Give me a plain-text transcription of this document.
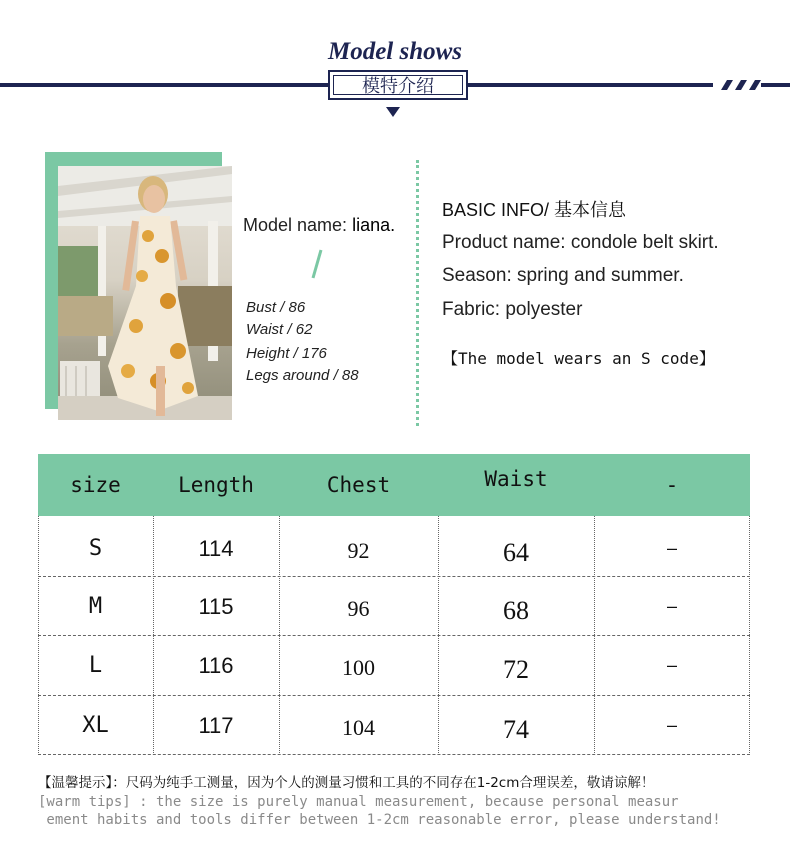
Model shows
模特介绍
Model name: liana.
Bust / 86
Waist / 62
Height / 176
Legs around / 88
BASIC INFO/ 基本信息
Product name: condole belt skirt.
Season: spring and summer.
Fabric: polyester
【The model wears an S code】
size	Length	Chest	Waist	-
S	114	92	64	–
M	115	96	68	–
L	116	100	72	–
XL	117	104	74	–
【温馨提示】：尺码为纯手工测量，因为个人的测量习惯和工具的不同存在1-2cm合理误差，敬请谅解！
[warm tips] : the size is purely manual measurement, because personal measur
ement habits and tools differ between 1-2cm reasonable error, please understand!
